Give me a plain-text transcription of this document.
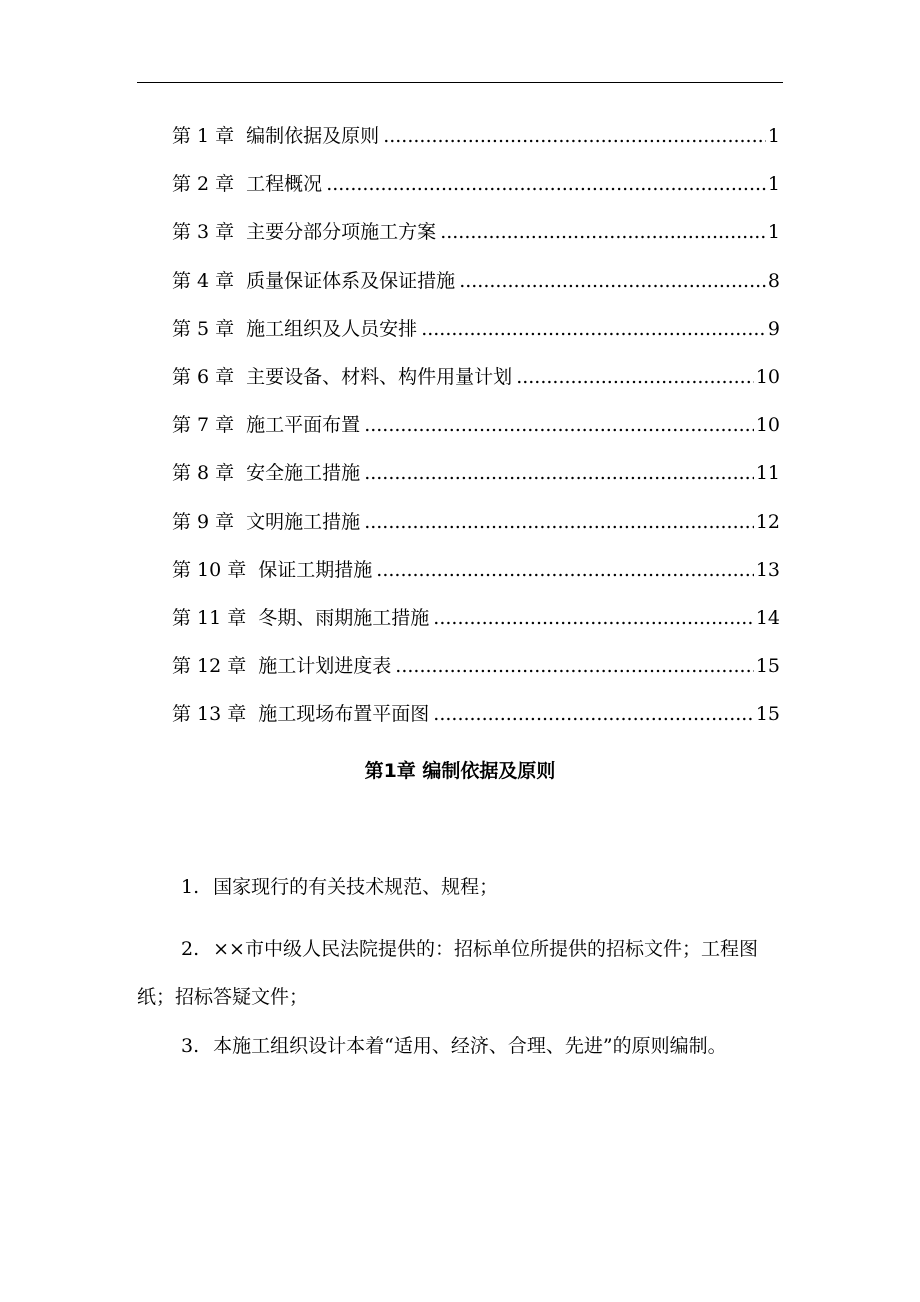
第 1 章 编制依据及原则 .....	1
第 2 章 工程概况 .....	1
第 3 章 主要分部分项施工方案 .....	1
第 4 章 质量保证体系及保证措施 .....	8
第 5 章 施工组织及人员安排 .....	9
第 6 章 主要设备、材料、构件用量计划 .....	10
第 7 章 施工平面布置 .....	10
第 8 章 安全施工措施 .....	11
第 9 章 文明施工措施 .....	12
第 10 章 保证工期措施 .....	13
第 11 章 冬期、雨期施工措施 .....	14
第 12 章 施工计划进度表 .....	15
第 13 章 施工现场布置平面图 .....	15
第1章 编制依据及原则

1. 国家现行的有关技术规范、规程；

2. ××市中级人民法院提供的：招标单位所提供的招标文件；工程图纸；招标答疑文件；

3. 本施工组织设计本着“适用、经济、合理、先进”的原则编制。
